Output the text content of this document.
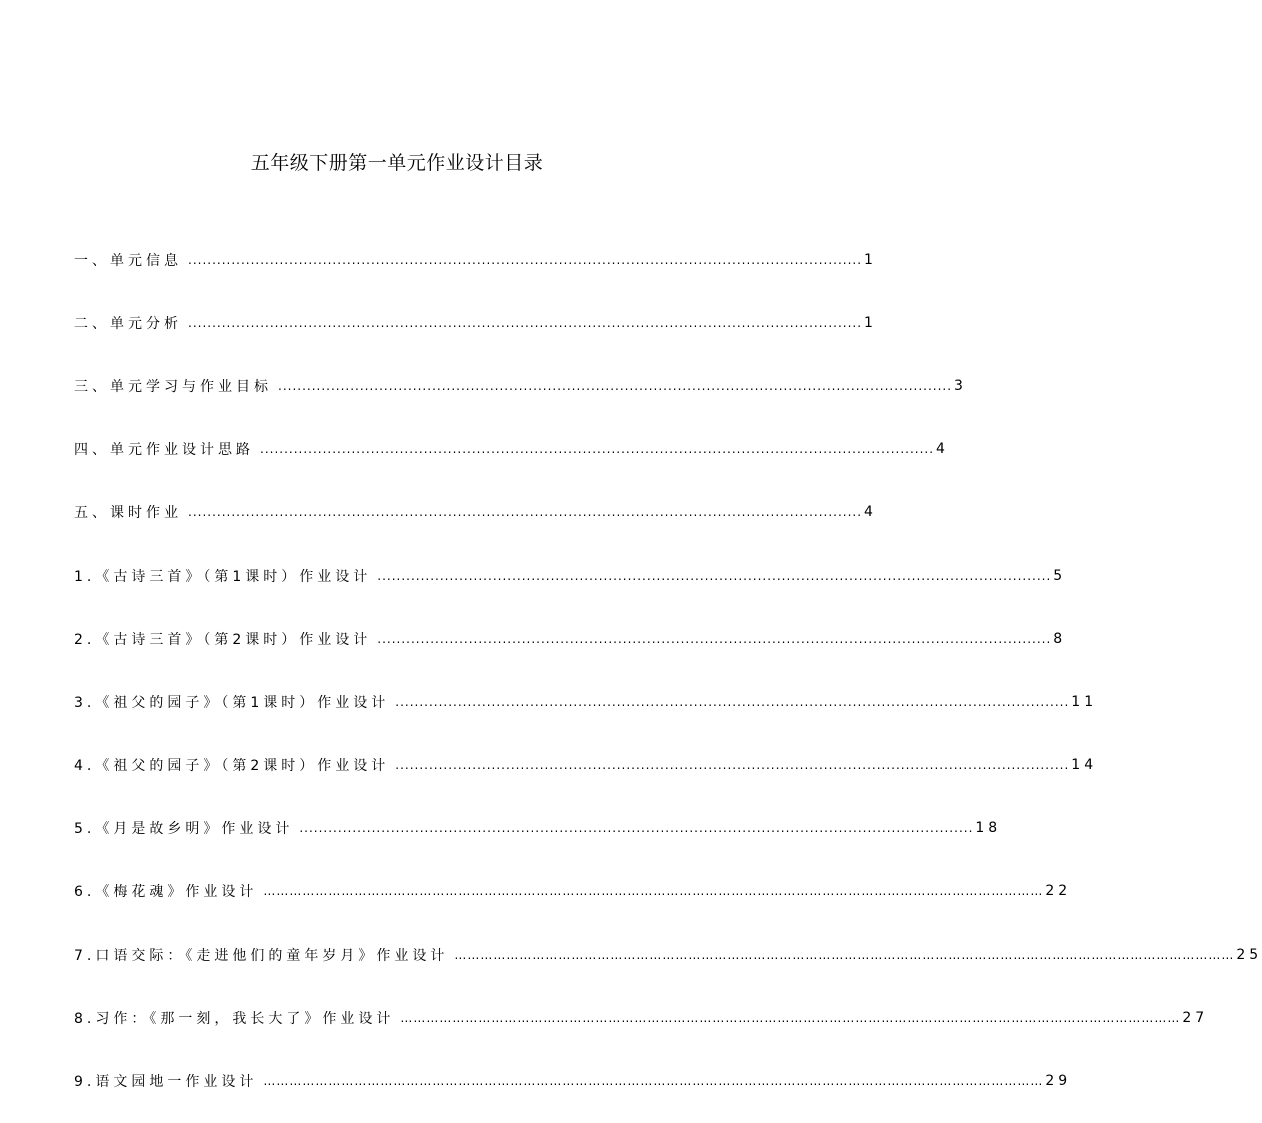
五年级下册第一单元作业设计目录
一、单元信息 ............................................................................................................................................ 1
二、单元分析 ............................................................................................................................................ 1
三、单元学习与作业目标 ............................................................................................................................................ 3
四、单元作业设计思路 ............................................................................................................................................ 4
五、课时作业 ............................................................................................................................................ 4
1.《古诗三首》（第1课时）作业设计 ............................................................................................................................................ 5
2.《古诗三首》（第2课时）作业设计 ............................................................................................................................................ 8
3.《祖父的园子》（第1课时）作业设计 ............................................................................................................................................ 11
4.《祖父的园子》（第2课时）作业设计 ............................................................................................................................................ 14
5.《月是故乡明》作业设计 ............................................................................................................................................ 18
6.《梅花魂》作业设计 ……………………………………………………………………………………………………………………………………………………………… 22
7.口语交际：《走进他们的童年岁月》作业设计 ……………………………………………………………………………………………………………………………………………………………… 25
8.习作：《那一刻，我长大了》作业设计 ……………………………………………………………………………………………………………………………………………………………… 27
9.语文园地一作业设计 ……………………………………………………………………………………………………………………………………………………………… 29
